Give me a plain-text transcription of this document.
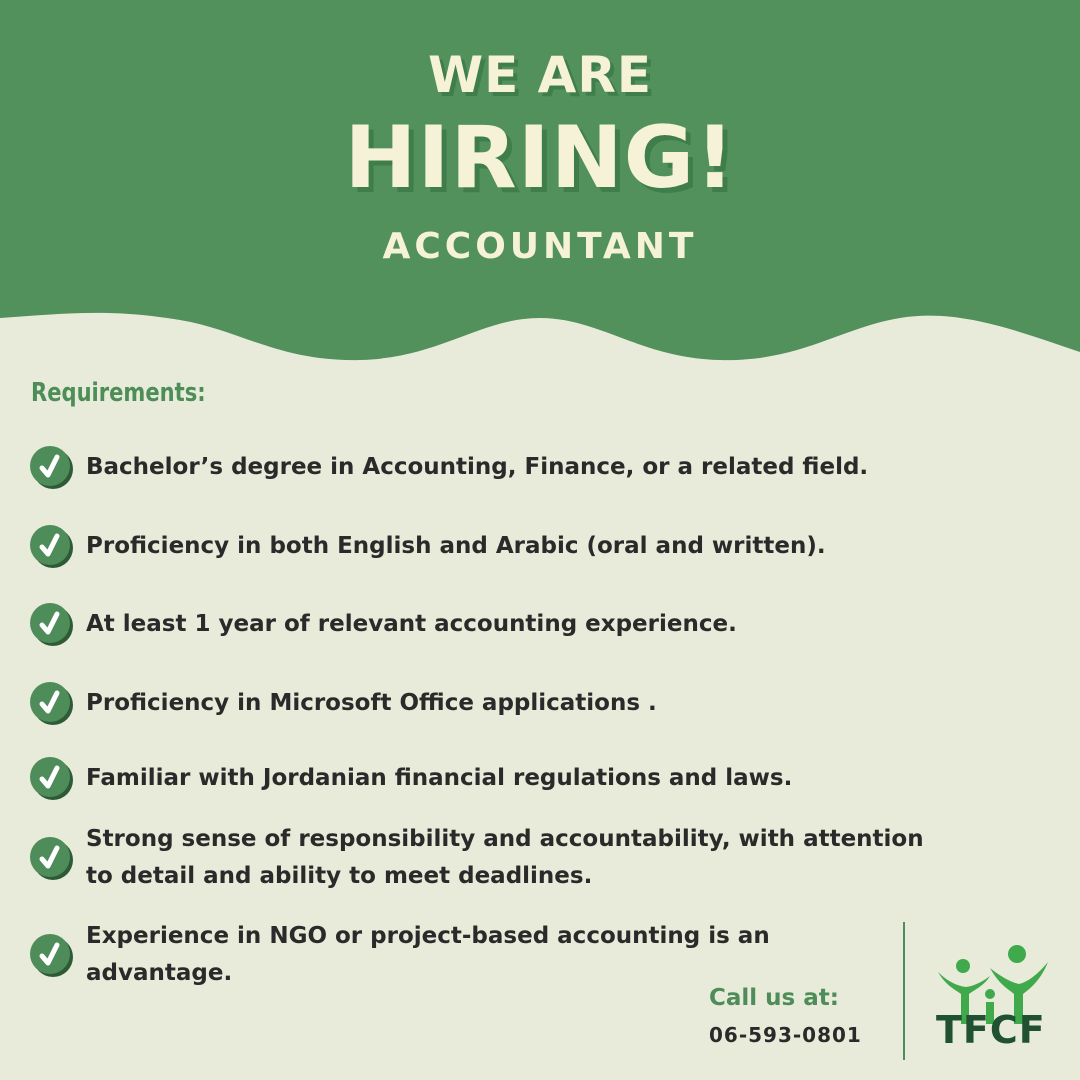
WE ARE
HIRING!
ACCOUNTANT
Requirements:
Bachelor’s degree in Accounting, Finance, or a related field.
Proficiency in both English and Arabic (oral and written).
At least 1 year of relevant accounting experience.
Proficiency in Microsoft Office applications .
Familiar with Jordanian financial regulations and laws.
Strong sense of responsibility and accountability, with attention to detail and ability to meet deadlines.
Experience in NGO or project-based accounting is an advantage.
Call us at:
06-593-0801 TFCF
